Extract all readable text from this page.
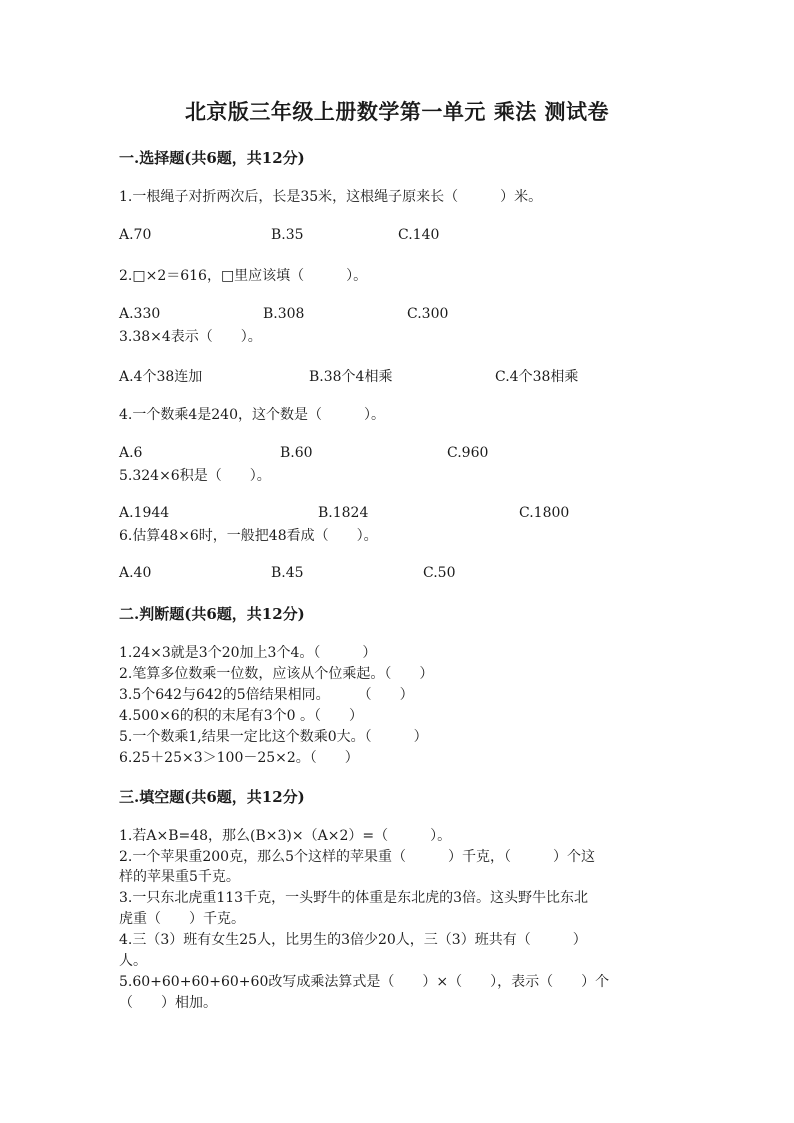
北京版三年级上册数学第一单元 乘法 测试卷
一.选择题(共6题，共12分)
1.一根绳子对折两次后，长是35米，这根绳子原来长（　　　）米。
A.70	B.35	C.140
2.□×2＝616，□里应该填（　　　）。
A.330	B.308	C.300
3.38×4表示（　　）。
A.4个38连加	B.38个4相乘	C.4个38相乘
4.一个数乘4是240，这个数是（　　　）。
A.6	B.60	C.960
5.324×6积是（　　）。
A.1944	B.1824	C.1800
6.估算48×6时，一般把48看成（　　）。
A.40	B.45	C.50
二.判断题(共6题，共12分)
1.24×3就是3个20加上3个4。（　　　）
2.笔算多位数乘一位数，应该从个位乘起。（　　）
3.5个642与642的5倍结果相同。　　　（　　）
4.500×6的积的末尾有3个0 。（　　）
5.一个数乘1,结果一定比这个数乘0大。（　　　）
6.25＋25×3＞100－25×2。（　　）
三.填空题(共6题，共12分)
1.若A×B=48，那么(B×3)×（A×2）=（　　　）。
2.一个苹果重200克，那么5个这样的苹果重（　　　）千克，（　　　）个这
样的苹果重5千克。
3.一只东北虎重113千克，一头野牛的体重是东北虎的3倍。这头野牛比东北
虎重（　　）千克。
4.三（3）班有女生25人，比男生的3倍少20人，三（3）班共有（　　　）
人。
5.60+60+60+60+60改写成乘法算式是（　　）×（　　），表示（　　）个
（　　）相加。
